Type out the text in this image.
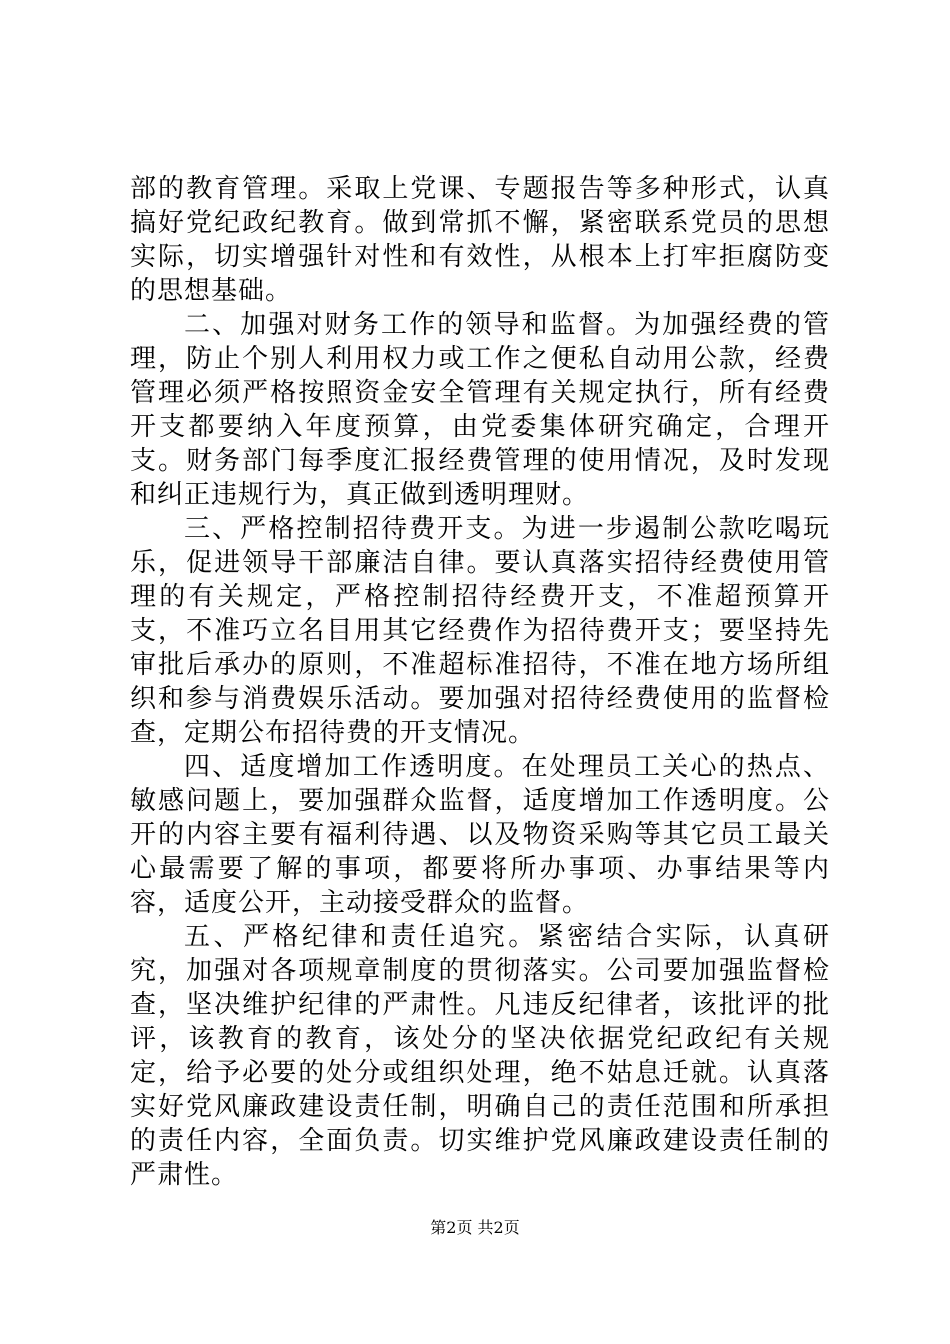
部的教育管理。采取上党课、专题报告等多种形式，认真搞好党纪政纪教育。做到常抓不懈，紧密联系党员的思想实际，切实增强针对性和有效性，从根本上打牢拒腐防变的思想基础。

二、加强对财务工作的领导和监督。为加强经费的管理，防止个别人利用权力或工作之便私自动用公款，经费管理必须严格按照资金安全管理有关规定执行，所有经费开支都要纳入年度预算，由党委集体研究确定，合理开支。财务部门每季度汇报经费管理的使用情况，及时发现和纠正违规行为，真正做到透明理财。

三、严格控制招待费开支。为进一步遏制公款吃喝玩乐，促进领导干部廉洁自律。要认真落实招待经费使用管理的有关规定，严格控制招待经费开支，不准超预算开支，不准巧立名目用其它经费作为招待费开支；要坚持先审批后承办的原则，不准超标准招待，不准在地方场所组织和参与消费娱乐活动。要加强对招待经费使用的监督检查，定期公布招待费的开支情况。

四、适度增加工作透明度。在处理员工关心的热点、敏感问题上，要加强群众监督，适度增加工作透明度。公开的内容主要有福利待遇、以及物资采购等其它员工最关心最需要了解的事项，都要将所办事项、办事结果等内容，适度公开，主动接受群众的监督。

五、严格纪律和责任追究。紧密结合实际，认真研究，加强对各项规章制度的贯彻落实。公司要加强监督检查，坚决维护纪律的严肃性。凡违反纪律者，该批评的批评，该教育的教育，该处分的坚决依据党纪政纪有关规定，给予必要的处分或组织处理，绝不姑息迁就。认真落实好党风廉政建设责任制，明确自己的责任范围和所承担的责任内容，全面负责。切实维护党风廉政建设责任制的严肃性。

第2页 共2页
